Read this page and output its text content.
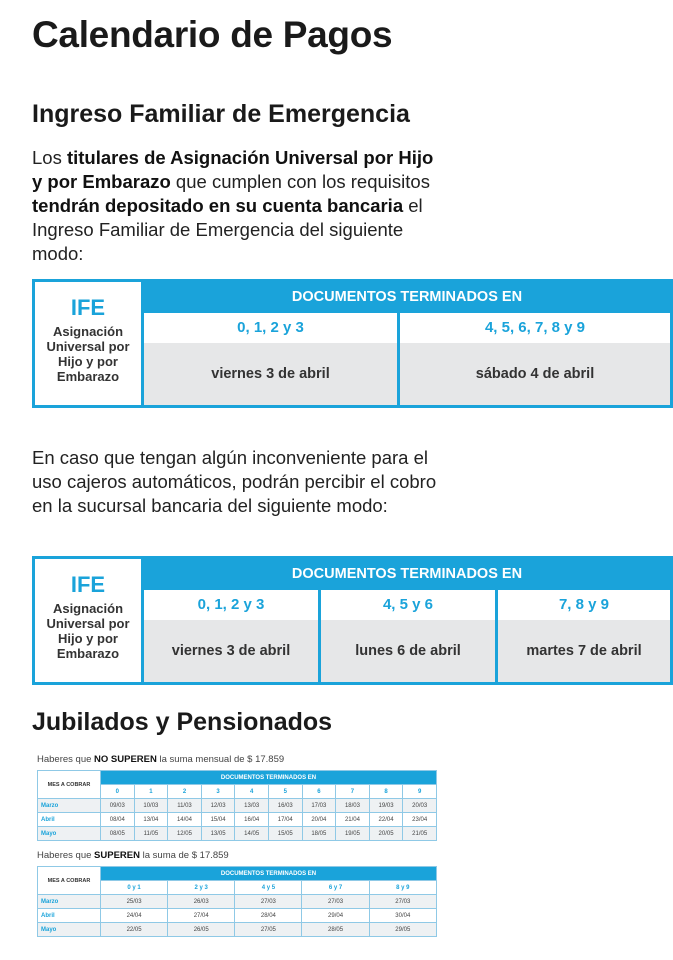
Calendario de Pagos
Ingreso Familiar de Emergencia
Los titulares de Asignación Universal por Hijo y por Embarazo que cumplen con los requisitos tendrán depositado en su cuenta bancaria el Ingreso Familiar de Emergencia del siguiente modo:
IFE
Asignación Universal por Hijo y por Embarazo
DOCUMENTOS TERMINADOS EN
0, 1, 2 y 3
viernes 3 de abril
4, 5, 6, 7, 8 y 9
sábado 4 de abril
En caso que tengan algún inconveniente para el uso cajeros automáticos, podrán percibir el cobro en la sucursal bancaria del siguiente modo:
IFE
Asignación Universal por Hijo y por Embarazo
DOCUMENTOS TERMINADOS EN
0, 1, 2 y 3
viernes 3 de abril
4, 5 y 6
lunes 6 de abril
7, 8 y 9
martes 7 de abril
Jubilados y Pensionados
Haberes que NO SUPEREN la suma mensual de $ 17.859
MES A COBRAR	DOCUMENTOS TERMINADOS EN									
	0	1	2	3	4	5	6	7	8	9
Marzo	09/03	10/03	11/03	12/03	13/03	16/03	17/03	18/03	19/03	20/03
Abril	08/04	13/04	14/04	15/04	16/04	17/04	20/04	21/04	22/04	23/04
Mayo	08/05	11/05	12/05	13/05	14/05	15/05	18/05	19/05	20/05	21/05
Haberes que SUPEREN la suma de $ 17.859
MES A COBRAR	DOCUMENTOS TERMINADOS EN				
	0 y 1	2 y 3	4 y 5	6 y 7	8 y 9
Marzo	25/03	26/03	27/03	27/03	27/03
Abril	24/04	27/04	28/04	29/04	30/04
Mayo	22/05	26/05	27/05	28/05	29/05
